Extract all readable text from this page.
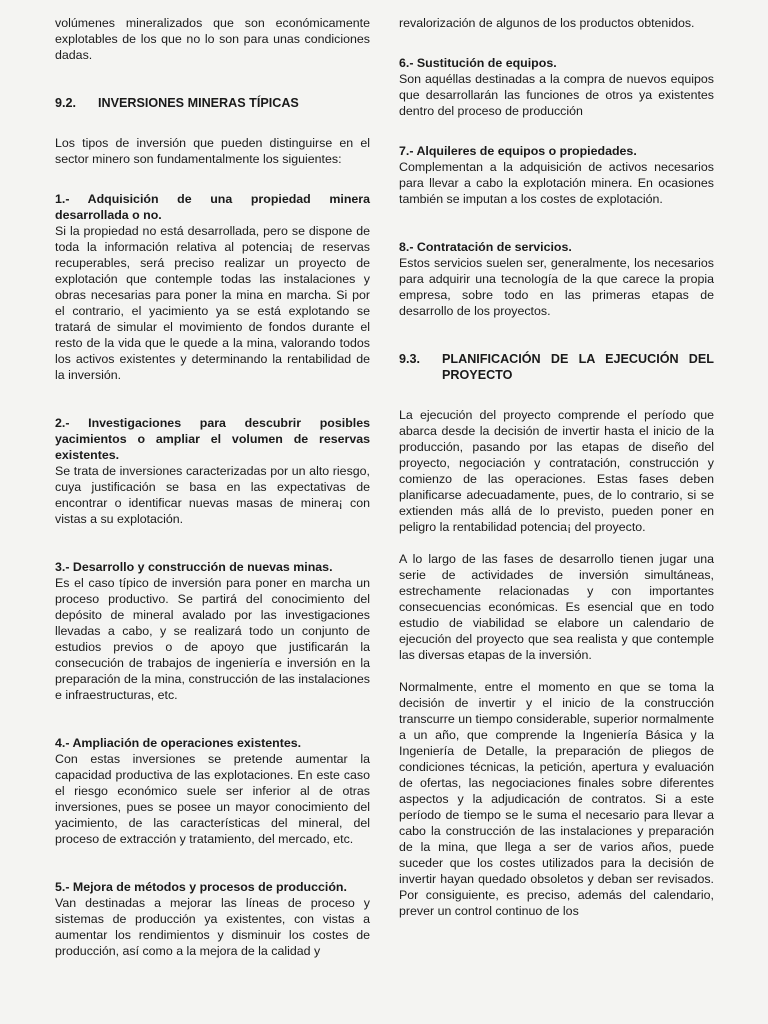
volúmenes mineralizados que son económicamente explotables de los que no lo son para unas condiciones dadas.

9.2.	INVERSIONES MINERAS TÍPICAS

Los tipos de inversión que pueden distinguirse en el sector minero son fundamentalmente los siguientes:

1.- Adquisición de una propiedad minera desarrollada o no.

Si la propiedad no está desarrollada, pero se dispone de toda la información relativa al potencia¡ de reservas recuperables, será preciso realizar un proyecto de explotación que contemple todas las instalaciones y obras necesarias para poner la mina en marcha. Si por el contrario, el yacimiento ya se está explotando se tratará de simular el movimiento de fondos durante el resto de la vida que le quede a la mina, valorando todos los activos existentes y determinando la rentabilidad de la inversión.

2.- Investigaciones para descubrir posibles yacimientos o ampliar el volumen de reservas existentes.

Se trata de inversiones caracterizadas por un alto riesgo, cuya justificación se basa en las expectativas de encontrar o identificar nuevas masas de minera¡ con vistas a su explotación.

3.- Desarrollo y construcción de nuevas minas.

Es el caso típico de inversión para poner en marcha un proceso productivo. Se partirá del conocimiento del depósito de mineral avalado por las investigaciones llevadas a cabo, y se realizará todo un conjunto de estudios previos o de apoyo que justificarán la consecución de trabajos de ingeniería e inversión en la preparación de la mina, construcción de las instalaciones e infraestructuras, etc.

4.- Ampliación de operaciones existentes.

Con estas inversiones se pretende aumentar la capacidad productiva de las explotaciones. En este caso el riesgo económico suele ser inferior al de otras inversiones, pues se posee un mayor conocimiento del yacimiento, de las características del mineral, del proceso de extracción y tratamiento, del mercado, etc.

5.- Mejora de métodos y procesos de producción.

Van destinadas a mejorar las líneas de proceso y sistemas de producción ya existentes, con vistas a aumentar los rendimientos y disminuir los costes de producción, así como a la mejora de la calidad y

revalorización de algunos de los productos obtenidos.

6.- Sustitución de equipos.

Son aquéllas destinadas a la compra de nuevos equipos que desarrollarán las funciones de otros ya existentes dentro del proceso de producción

7.- Alquileres de equipos o propiedades.

Complementan a la adquisición de activos necesarios para llevar a cabo la explotación minera. En ocasiones también se imputan a los costes de explotación.

8.- Contratación de servicios.

Estos servicios suelen ser, generalmente, los necesarios para adquirir una tecnología de la que carece la propia empresa, sobre todo en las primeras etapas de desarrollo de los proyectos.

9.3.	PLANIFICACIÓN DE LA EJECUCIÓN DEL PROYECTO

La ejecución del proyecto comprende el período que abarca desde la decisión de invertir hasta el inicio de la producción, pasando por las etapas de diseño del proyecto, negociación y contratación, construcción y comienzo de las operaciones. Estas fases deben planificarse adecuadamente, pues, de lo contrario, si se extienden más allá de lo previsto, pueden poner en peligro la rentabilidad potencia¡ del proyecto.

A lo largo de las fases de desarrollo tienen jugar una serie de actividades de inversión simultáneas, estrechamente relacionadas y con importantes consecuencias económicas. Es esencial que en todo estudio de viabilidad se elabore un calendario de ejecución del proyecto que sea realista y que contemple las diversas etapas de la inversión.

Normalmente, entre el momento en que se toma la decisión de invertir y el inicio de la construcción transcurre un tiempo considerable, superior normalmente a un año, que comprende la Ingeniería Básica y la Ingeniería de Detalle, la preparación de pliegos de condiciones técnicas, la petición, apertura y evaluación de ofertas, las negociaciones finales sobre diferentes aspectos y la adjudicación de contratos. Si a este período de tiempo se le suma el necesario para llevar a cabo la construcción de las instalaciones y preparación de la mina, que llega a ser de varios años, puede suceder que los costes utilizados para la decisión de invertir hayan quedado obsoletos y deban ser revisados. Por consiguiente, es preciso, además del calendario, prever un control continuo de los
